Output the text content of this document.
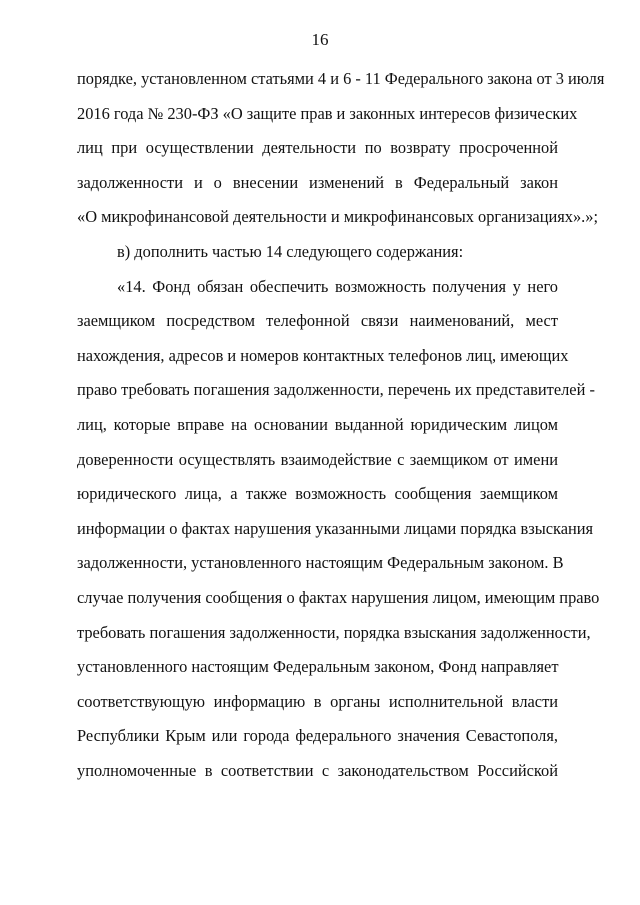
16
порядке, установленном статьями 4 и 6 - 11 Федерального закона от 3 июля
2016 года № 230-ФЗ «О защите прав и законных интересов физических
лиц при осуществлении деятельности по возврату просроченной
задолженности и о внесении изменений в Федеральный закон
«О микрофинансовой деятельности и микрофинансовых организациях».»;
в) дополнить частью 14 следующего содержания:
«14. Фонд обязан обеспечить возможность получения у него
заемщиком посредством телефонной связи наименований, мест
нахождения, адресов и номеров контактных телефонов лиц, имеющих
право требовать погашения задолженности, перечень их представителей -
лиц, которые вправе на основании выданной юридическим лицом
доверенности осуществлять взаимодействие с заемщиком от имени
юридического лица, а также возможность сообщения заемщиком
информации о фактах нарушения указанными лицами порядка взыскания
задолженности, установленного настоящим Федеральным законом. В
случае получения сообщения о фактах нарушения лицом, имеющим право
требовать погашения задолженности, порядка взыскания задолженности,
установленного настоящим Федеральным законом, Фонд направляет
соответствующую информацию в органы исполнительной власти
Республики Крым или города федерального значения Севастополя,
уполномоченные в соответствии с законодательством Российской
